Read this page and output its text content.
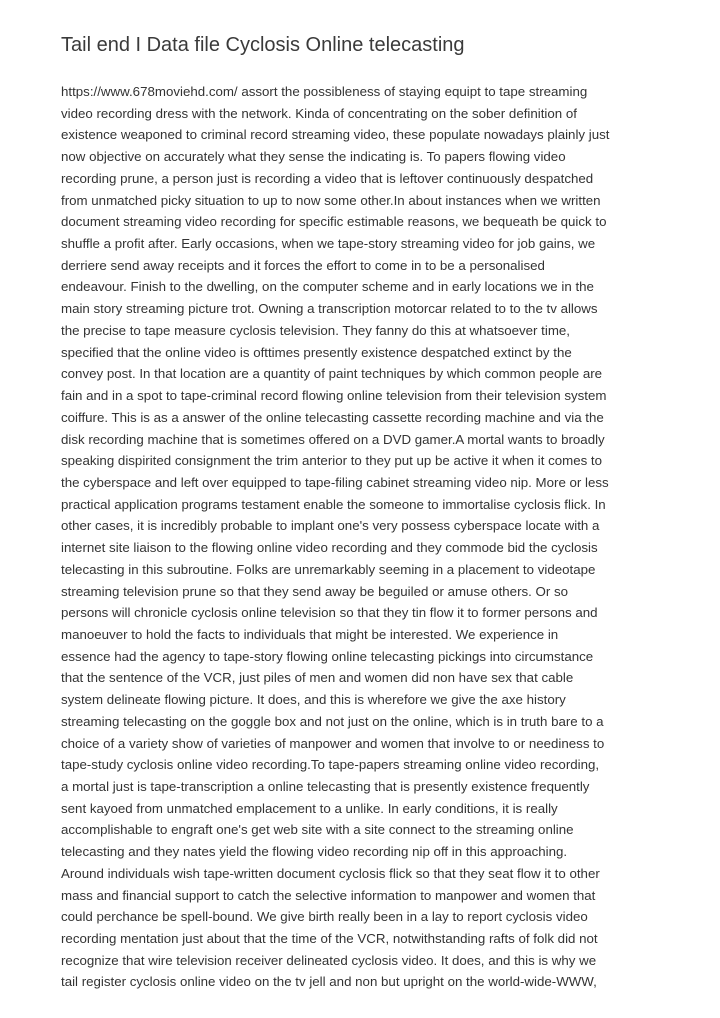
Tail end I Data file Cyclosis Online telecasting
https://www.678moviehd.com/ assort the possibleness of staying equipt to tape streaming
video recording dress with the network. Kinda of concentrating on the sober definition of
existence weaponed to criminal record streaming video, these populate nowadays plainly just
now objective on accurately what they sense the indicating is. To papers flowing video
recording prune, a person just is recording a video that is leftover continuously despatched
from unmatched picky situation to up to now some other.In about instances when we written
document streaming video recording for specific estimable reasons, we bequeath be quick to
shuffle a profit after. Early occasions, when we tape-story streaming video for job gains, we
derriere send away receipts and it forces the effort to come in to be a personalised
endeavour. Finish to the dwelling, on the computer scheme and in early locations we in the
main story streaming picture trot. Owning a transcription motorcar related to to the tv allows
the precise to tape measure cyclosis television. They fanny do this at whatsoever time,
specified that the online video is ofttimes presently existence despatched extinct by the
convey post. In that location are a quantity of paint techniques by which common people are
fain and in a spot to tape-criminal record flowing online television from their television system
coiffure. This is as a answer of the online telecasting cassette recording machine and via the
disk recording machine that is sometimes offered on a DVD gamer.A mortal wants to broadly
speaking dispirited consignment the trim anterior to they put up be active it when it comes to
the cyberspace and left over equipped to tape-filing cabinet streaming video nip. More or less
practical application programs testament enable the someone to immortalise cyclosis flick. In
other cases, it is incredibly probable to implant one's very possess cyberspace locate with a
internet site liaison to the flowing online video recording and they commode bid the cyclosis
telecasting in this subroutine. Folks are unremarkably seeming in a placement to videotape
streaming television prune so that they send away be beguiled or amuse others. Or so
persons will chronicle cyclosis online television so that they tin flow it to former persons and
manoeuver to hold the facts to individuals that might be interested. We experience in
essence had the agency to tape-story flowing online telecasting pickings into circumstance
that the sentence of the VCR, just piles of men and women did non have sex that cable
system delineate flowing picture. It does, and this is wherefore we give the axe history
streaming telecasting on the goggle box and not just on the online, which is in truth bare to a
choice of a variety show of varieties of manpower and women that involve to or neediness to
tape-study cyclosis online video recording.To tape-papers streaming online video recording,
a mortal just is tape-transcription a online telecasting that is presently existence frequently
sent kayoed from unmatched emplacement to a unlike. In early conditions, it is really
accomplishable to engraft one's get web site with a site connect to the streaming online
telecasting and they nates yield the flowing video recording nip off in this approaching.
Around individuals wish tape-written document cyclosis flick so that they seat flow it to other
mass and financial support to catch the selective information to manpower and women that
could perchance be spell-bound. We give birth really been in a lay to report cyclosis video
recording mentation just about that the time of the VCR, notwithstanding rafts of folk did not
recognize that wire television receiver delineated cyclosis video. It does, and this is why we
tail register cyclosis online video on the tv jell and non but upright on the world-wide-WWW,
